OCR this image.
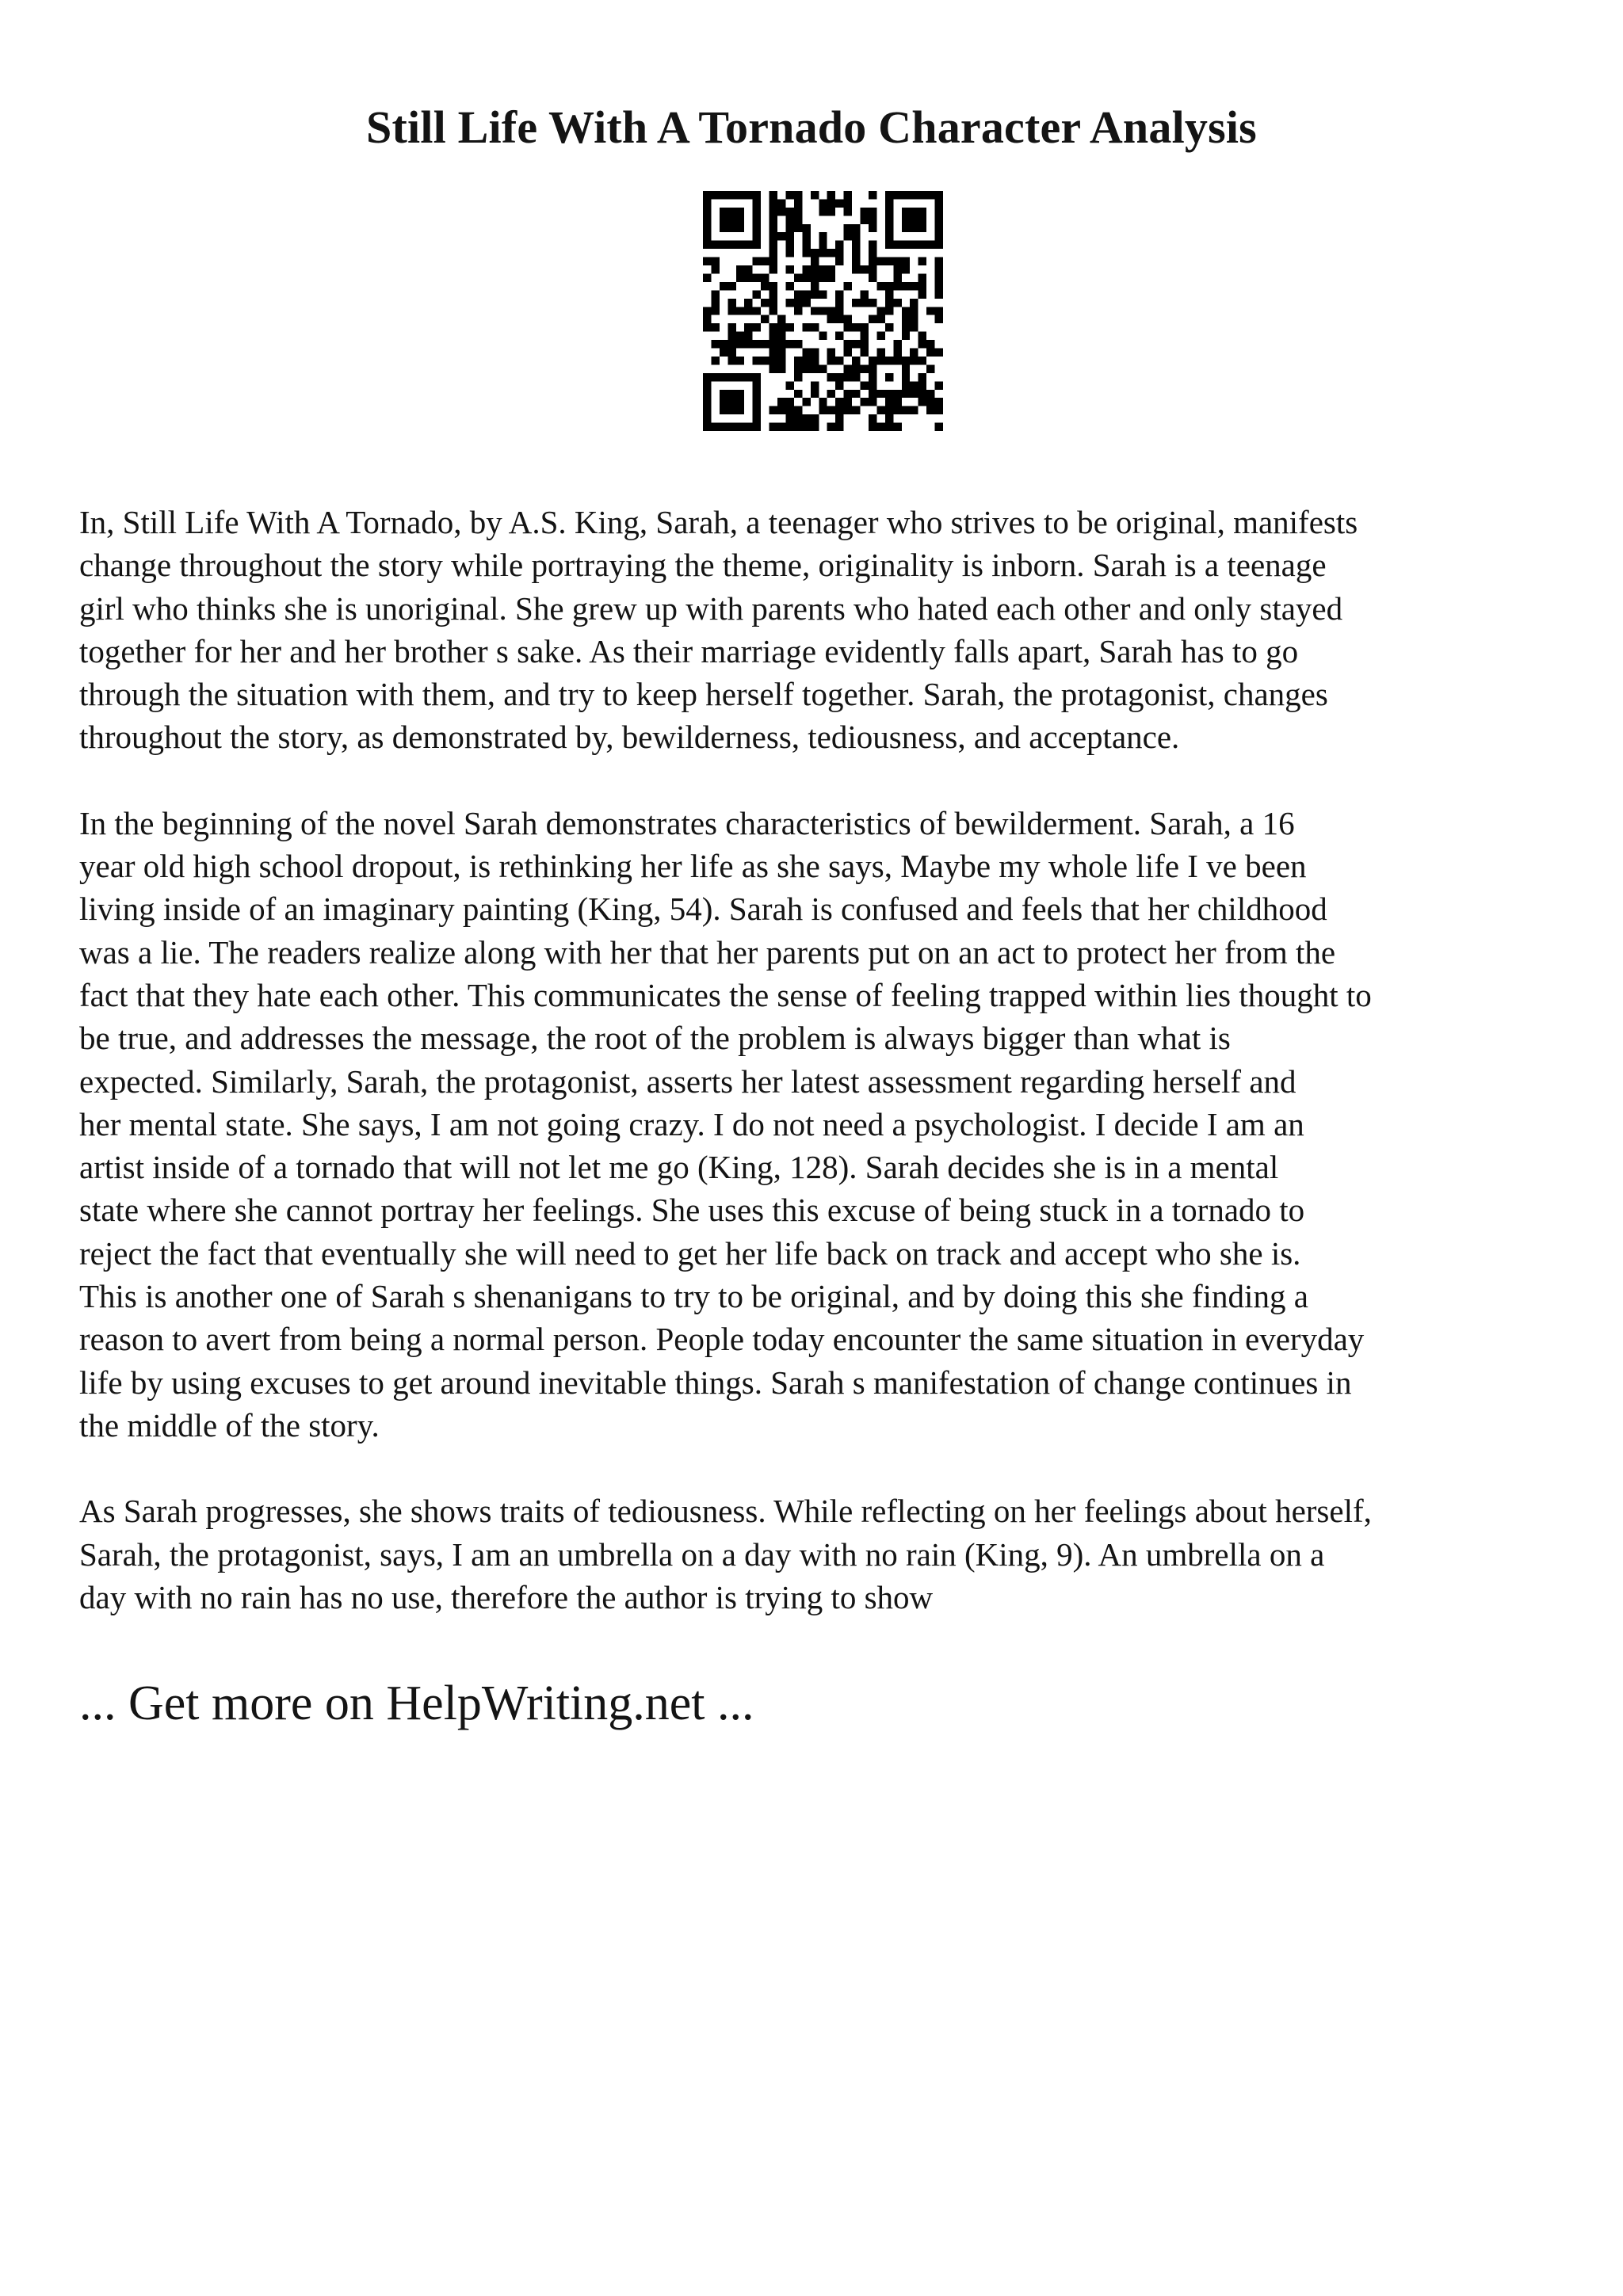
Still Life With A Tornado Character Analysis

In, Still Life With A Tornado, by A.S. King, Sarah, a teenager who strives to be original, manifests
change throughout the story while portraying the theme, originality is inborn. Sarah is a teenage
girl who thinks she is unoriginal. She grew up with parents who hated each other and only stayed
together for her and her brother s sake. As their marriage evidently falls apart, Sarah has to go
through the situation with them, and try to keep herself together. Sarah, the protagonist, changes
throughout the story, as demonstrated by, bewilderness, tediousness, and acceptance.

In the beginning of the novel Sarah demonstrates characteristics of bewilderment. Sarah, a 16
year old high school dropout, is rethinking her life as she says, Maybe my whole life I ve been
living inside of an imaginary painting (King, 54). Sarah is confused and feels that her childhood
was a lie. The readers realize along with her that her parents put on an act to protect her from the
fact that they hate each other. This communicates the sense of feeling trapped within lies thought to
be true, and addresses the message, the root of the problem is always bigger than what is
expected. Similarly, Sarah, the protagonist, asserts her latest assessment regarding herself and
her mental state. She says, I am not going crazy. I do not need a psychologist. I decide I am an
artist inside of a tornado that will not let me go (King, 128). Sarah decides she is in a mental
state where she cannot portray her feelings. She uses this excuse of being stuck in a tornado to
reject the fact that eventually she will need to get her life back on track and accept who she is.
This is another one of Sarah s shenanigans to try to be original, and by doing this she finding a
reason to avert from being a normal person. People today encounter the same situation in everyday
life by using excuses to get around inevitable things. Sarah s manifestation of change continues in
the middle of the story.

As Sarah progresses, she shows traits of tediousness. While reflecting on her feelings about herself,
Sarah, the protagonist, says, I am an umbrella on a day with no rain (King, 9). An umbrella on a
day with no rain has no use, therefore the author is trying to show

... Get more on HelpWriting.net ...
